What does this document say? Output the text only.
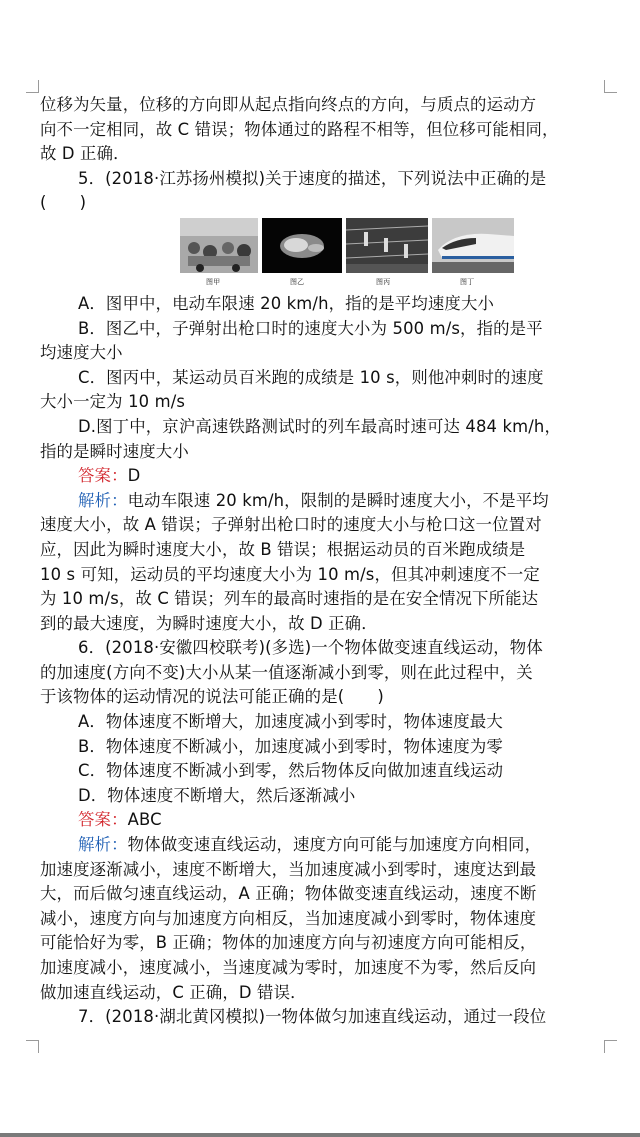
位移为矢量，位移的方向即从起点指向终点的方向，与质点的运动方

向不一定相同，故 C 错误；物体通过的路程不相等，但位移可能相同，

故 D 正确．

5．(2018·江苏扬州模拟)关于速度的描述，下列说法中正确的是

(　　)

图甲	图乙	图丙	图丁

A．图甲中，电动车限速 20 km/h，指的是平均速度大小

B．图乙中，子弹射出枪口时的速度大小为 500 m/s，指的是平

均速度大小

C．图丙中，某运动员百米跑的成绩是 10 s，则他冲刺时的速度

大小一定为 10 m/s

D.图丁中，京沪高速铁路测试时的列车最高时速可达 484 km/h，

指的是瞬时速度大小

答案：D

解析：电动车限速 20 km/h，限制的是瞬时速度大小，不是平均

速度大小，故 A 错误；子弹射出枪口时的速度大小与枪口这一位置对

应，因此为瞬时速度大小，故 B 错误；根据运动员的百米跑成绩是

10 s 可知，运动员的平均速度大小为 10 m/s，但其冲刺速度不一定

为 10 m/s，故 C 错误；列车的最高时速指的是在安全情况下所能达

到的最大速度，为瞬时速度大小，故 D 正确．

6．(2018·安徽四校联考)(多选)一个物体做变速直线运动，物体

的加速度(方向不变)大小从某一值逐渐减小到零，则在此过程中，关

于该物体的运动情况的说法可能正确的是(　　)

A．物体速度不断增大，加速度减小到零时，物体速度最大

B．物体速度不断减小，加速度减小到零时，物体速度为零

C．物体速度不断减小到零，然后物体反向做加速直线运动

D．物体速度不断增大，然后逐渐减小

答案：ABC

解析：物体做变速直线运动，速度方向可能与加速度方向相同，

加速度逐渐减小，速度不断增大，当加速度减小到零时，速度达到最

大，而后做匀速直线运动，A 正确；物体做变速直线运动，速度不断

减小，速度方向与加速度方向相反，当加速度减小到零时，物体速度

可能恰好为零，B 正确；物体的加速度方向与初速度方向可能相反，

加速度减小，速度减小，当速度减为零时，加速度不为零，然后反向

做加速直线运动，C 正确，D 错误．

7．(2018·湖北黄冈模拟)一物体做匀加速直线运动，通过一段位
